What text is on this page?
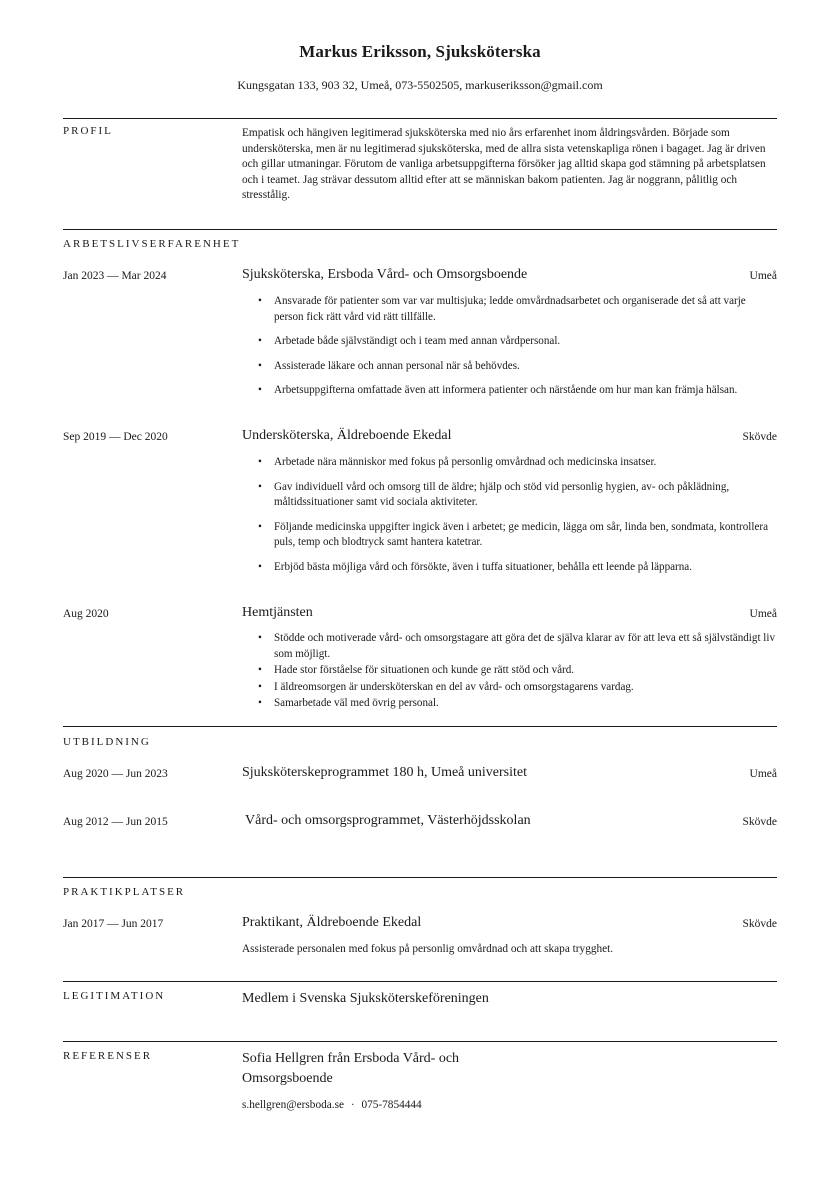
Markus Eriksson, Sjuksköterska
Kungsgatan 133, 903 32, Umeå, 073-5502505, markuseriksson@gmail.com
PROFIL	Empatisk och hängiven legitimerad sjuksköterska med nio års erfarenhet inom åldringsvården. Började som undersköterska, men är nu legitimerad sjuksköterska, med de allra sista vetenskapliga rönen i bagaget. Jag är driven och gillar utmaningar. Förutom de vanliga arbetsuppgifterna försöker jag alltid skapa god stämning på arbetsplatsen och i teamet. Jag strävar dessutom alltid efter att se människan bakom patienten. Jag är noggrann, pålitlig och stresstålig.

ARBETSLIVSERFARENHET
Jan 2023 — Mar 2024	Sjuksköterska, Ersboda Vård- och Omsorgsboende	Umeå
• Ansvarade för patienter som var var multisjuka; ledde omvårdnadsarbetet och organiserade det så att varje person fick rätt vård vid rätt tillfälle.
• Arbetade både självständigt och i team med annan vårdpersonal.
• Assisterade läkare och annan personal när så behövdes.
• Arbetsuppgifterna omfattade även att informera patienter och närstående om hur man kan främja hälsan.
Sep 2019 — Dec 2020	Undersköterska, Äldreboende Ekedal	Skövde
• Arbetade nära människor med fokus på personlig omvårdnad och medicinska insatser.
• Gav individuell vård och omsorg till de äldre; hjälp och stöd vid personlig hygien, av- och påklädning, måltidssituationer samt vid sociala aktiviteter.
• Följande medicinska uppgifter ingick även i arbetet; ge medicin, lägga om sår, linda ben, sondmata, kontrollera puls, temp och blodtryck samt hantera katetrar.
• Erbjöd bästa möjliga vård och försökte, även i tuffa situationer, behålla ett leende på läpparna.
Aug 2020	Hemtjänsten	Umeå
• Stödde och motiverade vård- och omsorgstagare att göra det de själva klarar av för att leva ett så självständigt liv som möjligt.
• Hade stor förståelse för situationen och kunde ge rätt stöd och vård.
• I äldreomsorgen är undersköterskan en del av vård- och omsorgstagarens vardag.
• Samarbetade väl med övrig personal.
UTBILDNING
Aug 2020 — Jun 2023	Sjuksköterskeprogrammet 180 h, Umeå universitet	Umeå
Aug 2012 — Jun 2015	Vård- och omsorgsprogrammet, Västerhöjdsskolan	Skövde
PRAKTIKPLATSER
Jan 2017 — Jun 2017	Praktikant, Äldreboende Ekedal	Skövde

Assisterade personalen med fokus på personlig omvårdnad och att skapa trygghet.

LEGITIMATION	Medlem i Svenska Sjuksköterskeföreningen
REFERENSER	Sofia Hellgren från Ersboda Vård- och
Omsorgsboende
s.hellgren@ersboda.se · 075-7854444
